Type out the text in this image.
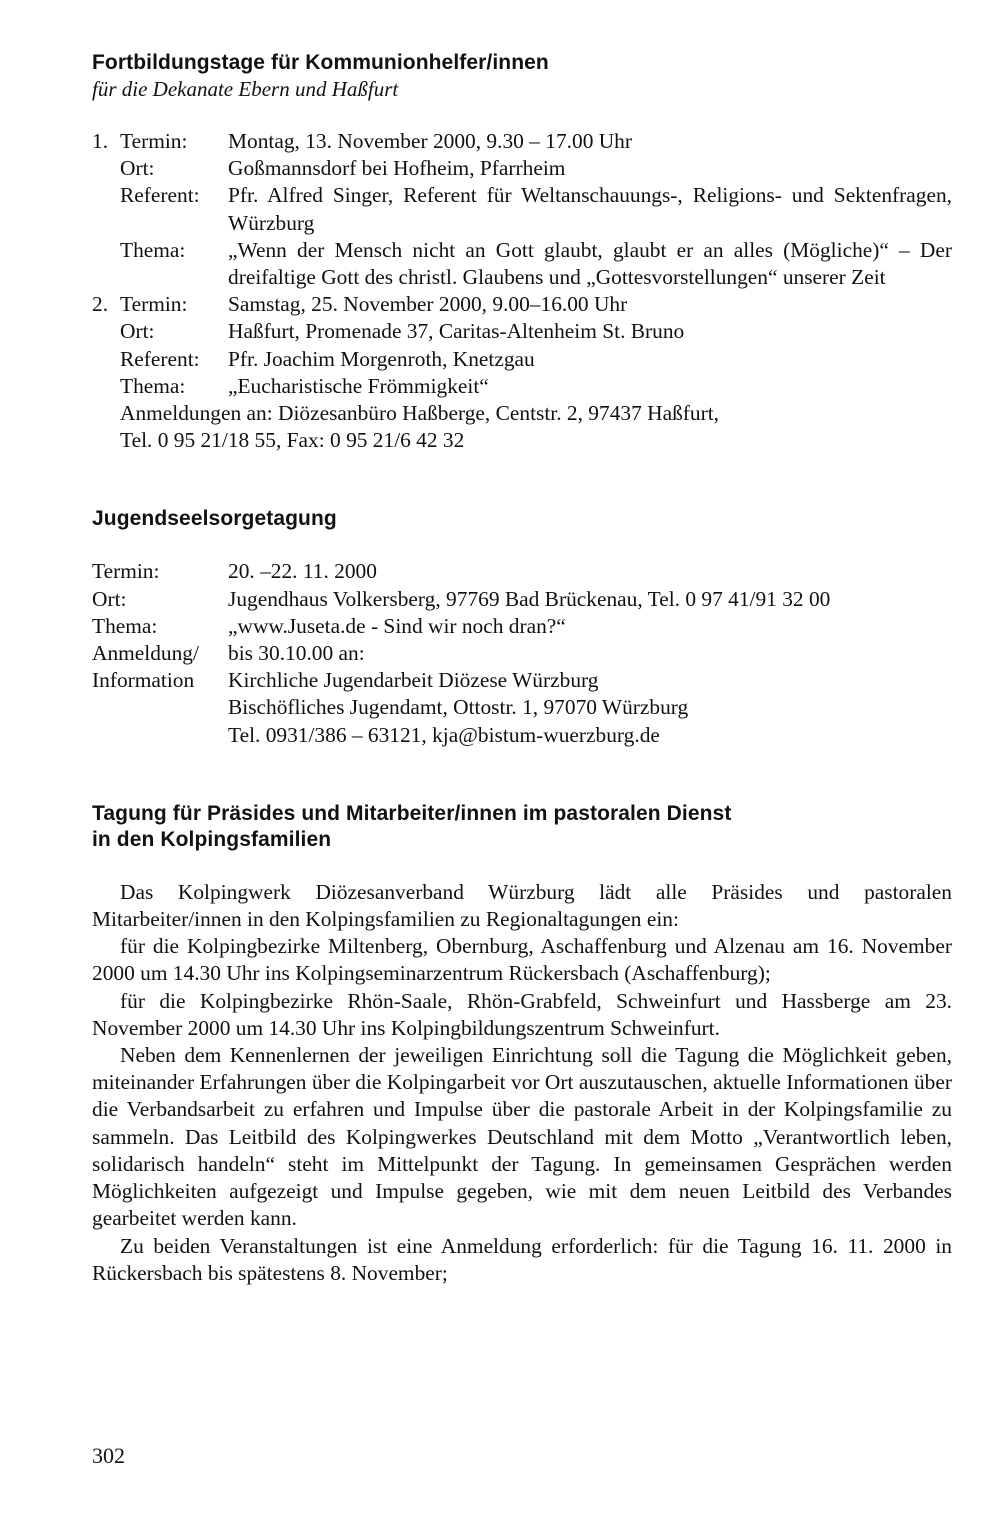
Fortbildungstage für Kommunionhelfer/innen
für die Dekanate Ebern und Haßfurt
1. Termin:	Montag, 13. November 2000, 9.30 – 17.00 Uhr
Ort:	Goßmannsdorf bei Hofheim, Pfarrheim
Referent:	Pfr. Alfred Singer, Referent für Weltanschauungs-, Religions- und Sektenfragen, Würzburg
Thema:	„Wenn der Mensch nicht an Gott glaubt, glaubt er an alles (Mögliche)“ – Der dreifaltige Gott des christl. Glaubens und „Gottesvorstellungen“ unserer Zeit
2. Termin:	Samstag, 25. November 2000, 9.00–16.00 Uhr
Ort:	Haßfurt, Promenade 37, Caritas-Altenheim St. Bruno
Referent:	Pfr. Joachim Morgenroth, Knetzgau
Thema:	„Eucharistische Frömmigkeit“
Anmeldungen an: Diözesanbüro Haßberge, Centstr. 2, 97437 Haßfurt,
Tel. 0 95 21/18 55, Fax: 0 95 21/6 42 32
Jugendseelsorgetagung
Termin:	20. –22. 11. 2000
Ort:	Jugendhaus Volkersberg, 97769 Bad Brückenau, Tel. 0 97 41/91 32 00
Thema:	„www.Juseta.de - Sind wir noch dran?“
Anmeldung/	bis 30.10.00 an:
Information	Kirchliche Jugendarbeit Diözese Würzburg
Bischöfliches Jugendamt, Ottostr. 1, 97070 Würzburg
Tel. 0931/386 – 63121, kja@bistum-wuerzburg.de
Tagung für Präsides und Mitarbeiter/innen im pastoralen Dienst
in den Kolpingsfamilien

Das Kolpingwerk Diözesanverband Würzburg lädt alle Präsides und pastoralen Mitarbeiter/innen in den Kolpingsfamilien zu Regionaltagungen ein:

für die Kolpingbezirke Miltenberg, Obernburg, Aschaffenburg und Alzenau am 16. November 2000 um 14.30 Uhr ins Kolpingseminarzentrum Rückersbach (Aschaffenburg);

für die Kolpingbezirke Rhön-Saale, Rhön-Grabfeld, Schweinfurt und Hassberge am 23. November 2000 um 14.30 Uhr ins Kolpingbildungszentrum Schweinfurt.

Neben dem Kennenlernen der jeweiligen Einrichtung soll die Tagung die Möglichkeit geben, miteinander Erfahrungen über die Kolpingarbeit vor Ort auszutauschen, aktuelle Informationen über die Verbandsarbeit zu erfahren und Impulse über die pastorale Arbeit in der Kolpingsfamilie zu sammeln. Das Leitbild des Kolpingwerkes Deutschland mit dem Motto „Verantwortlich leben, solidarisch handeln“ steht im Mittelpunkt der Tagung. In gemeinsamen Gesprächen werden Möglichkeiten aufgezeigt und Impulse gegeben, wie mit dem neuen Leitbild des Verbandes gearbeitet werden kann.

Zu beiden Veranstaltungen ist eine Anmeldung erforderlich: für die Tagung 16. 11. 2000 in Rückersbach bis spätestens 8. November;

302
